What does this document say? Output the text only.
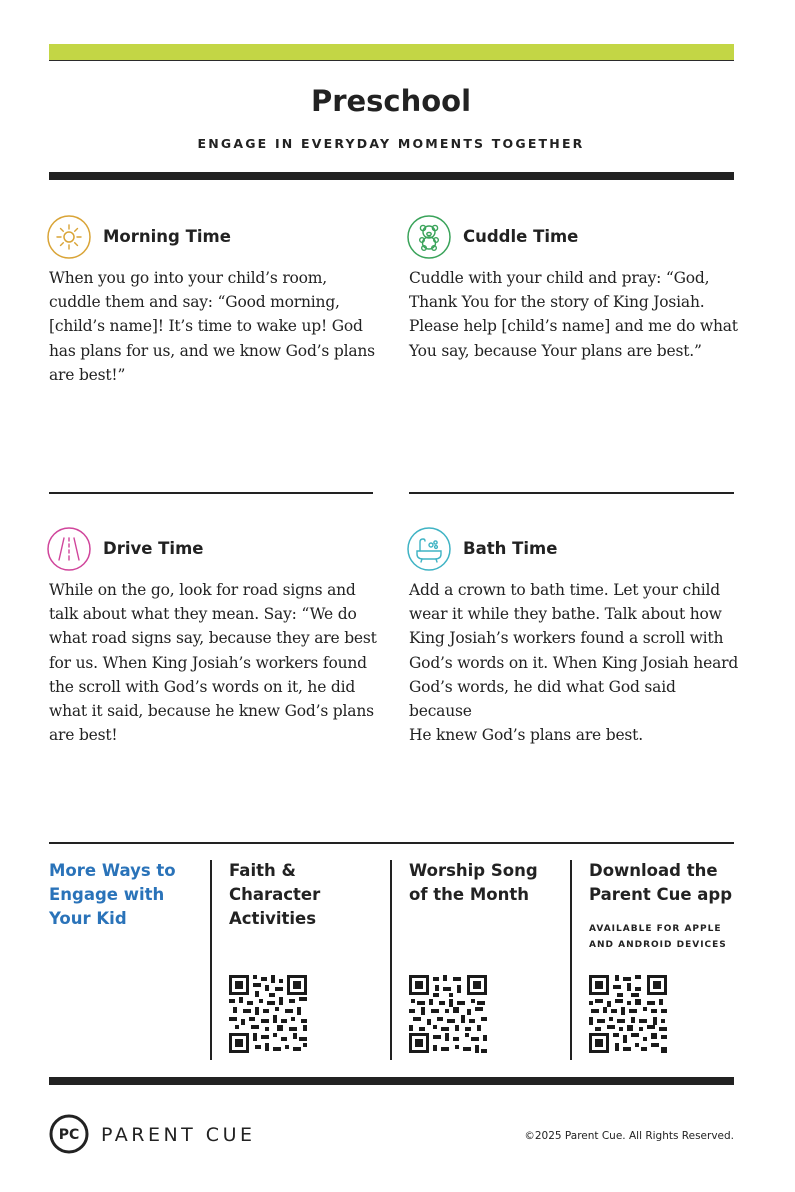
Preschool
ENGAGE IN EVERYDAY MOMENTS TOGETHER
Morning Time
When you go into your child’s room,
cuddle them and say: “Good morning,
[child’s name]! It’s time to wake up! God
has plans for us, and we know God’s plans
are best!”
Cuddle Time
Cuddle with your child and pray: “God,
Thank You for the story of King Josiah.
Please help [child’s name] and me do what
You say, because Your plans are best.”
Drive Time
While on the go, look for road signs and
talk about what they mean. Say: “We do
what road signs say, because they are best
for us. When King Josiah’s workers found
the scroll with God’s words on it, he did
what it said, because he knew God’s plans
are best!
Bath Time
Add a crown to bath time. Let your child
wear it while they bathe. Talk about how
King Josiah’s workers found a scroll with
God’s words on it. When King Josiah heard
God’s words, he did what God said because
He knew God’s plans are best.
More Ways to
Engage with
Your Kid
Faith &
Character
Activities
Worship Song
of the Month
Download the
Parent Cue app
AVAILABLE FOR APPLE
AND ANDROID DEVICES
PC PARENT CUE	©2025 Parent Cue. All Rights Reserved.
